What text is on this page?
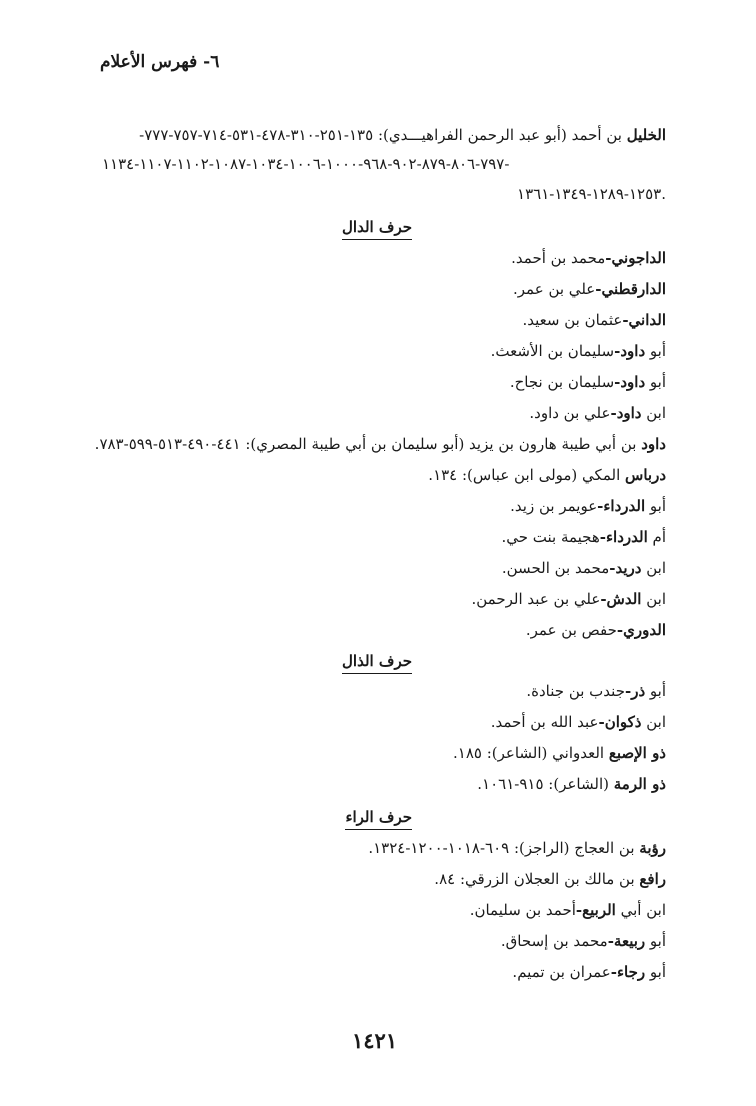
٦- فهرس الأعلام
الخليل بن أحمد (أبو عبد الرحمن الفراهيـــدي): ١٣٥-٢٥١-٣١٠-٤٧٨-٥٣١-٧١٤-٧٥٧-٧٧٧-
٧٩٧-٨٠٦-٨٧٩-٩٠٢-٩٦٨-١٠٠٠-١٠٠٦-١٠٣٤-١٠٨٧-١١٠٢-١١٠٧-١١٣٤-
١٢٥٣-١٢٨٩-١٣٤٩-١٣٦١.
حرف الدال
الداجوني-محمد بن أحمد.
الدارقطني-علي بن عمر.
الداني-عثمان بن سعيد.
أبو داود-سليمان بن الأشعث.
أبو داود-سليمان بن نجاح.
ابن داود-علي بن داود.
داود بن أبي طيبة هارون بن يزيد (أبو سليمان بن أبي طيبة المصري): ٤٤١-٤٩٠-٥١٣-٥٩٩-٧٨٣.
درباس المكي (مولى ابن عباس): ١٣٤.
أبو الدرداء-عويمر بن زيد.
أم الدرداء-هجيمة بنت حي.
ابن دريد-محمد بن الحسن.
ابن الدش-علي بن عبد الرحمن.
الدوري-حفص بن عمر.
حرف الذال
أبو ذر-جندب بن جنادة.
ابن ذكوان-عبد الله بن أحمد.
ذو الإصبع العدواني (الشاعر): ١٨٥.
ذو الرمة (الشاعر): ٩١٥-١٠٦١.
حرف الراء
رؤبة بن العجاج (الراجز): ٦٠٩-١٠١٨-١٢٠٠-١٣٢٤.
رافع بن مالك بن العجلان الزرقي: ٨٤.
ابن أبي الربيع-أحمد بن سليمان.
أبو ربيعة-محمد بن إسحاق.
أبو رجاء-عمران بن تميم.
١٤٢١
